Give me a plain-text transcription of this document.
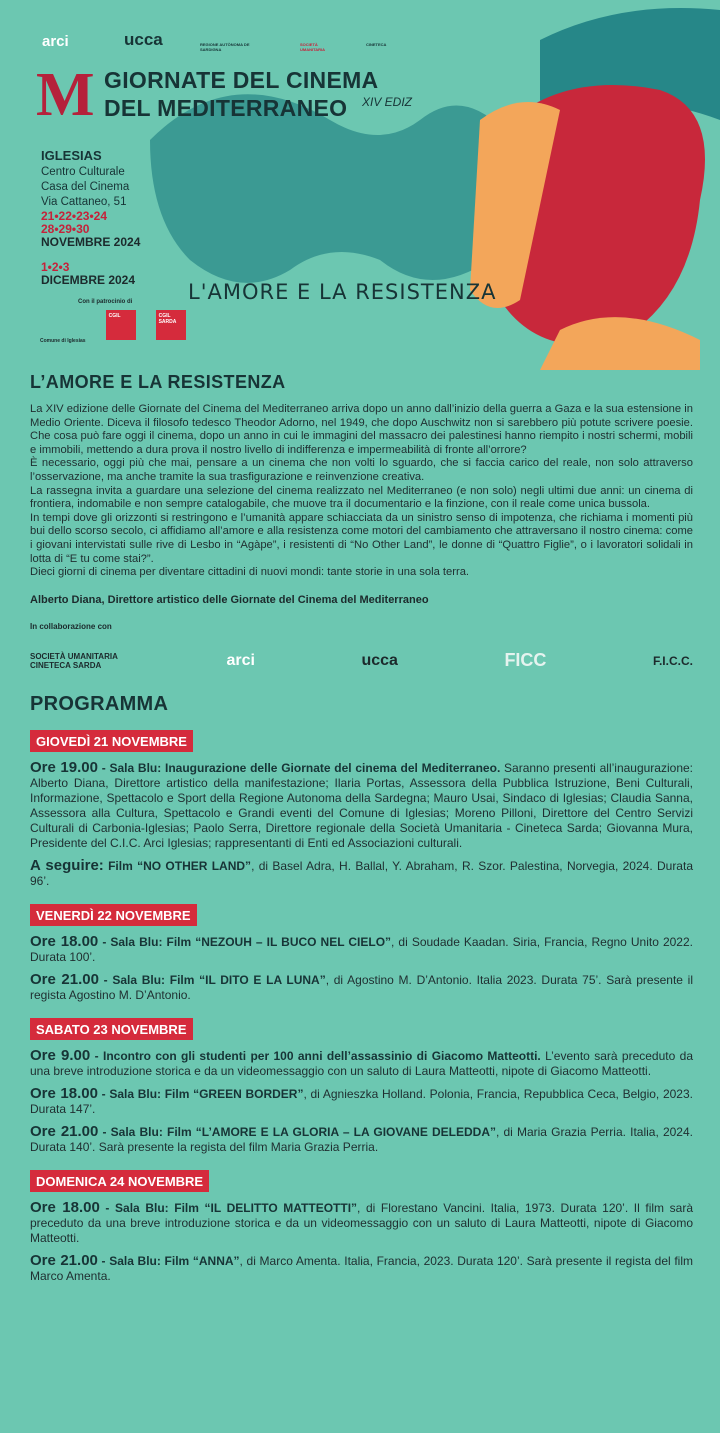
arci	ucca	REGIONE AUTÒNOMA DE SARDIGNA
SOCIETÀ UMANITARIA
CINETECA
M GIORNATE DEL CINEMA
DEL MEDITERRANEO	XIV EDIZ
IGLESIAS
Centro Culturale
Casa del Cinema
Via Cattaneo, 51
21•22•23•24
28•29•30
NOVEMBRE 2024
1•2•3
DICEMBRE 2024
Con il patrocinio di
Comune di Iglesias
CGIL	CGIL SARDA
L'AMORE E LA RESISTENZA
L’AMORE E LA RESISTENZA

La XIV edizione delle Giornate del Cinema del Mediterraneo arriva dopo un anno dall’inizio della guerra a Gaza e la sua estensione in Medio Oriente. Diceva il filosofo tedesco Theodor Adorno, nel 1949, che dopo Auschwitz non si sarebbero più potute scrivere poesie. Che cosa può fare oggi il cinema, dopo un anno in cui le immagini del massacro dei palestinesi hanno riempito i nostri schermi, mobili e immobili, mettendo a dura prova il nostro livello di indifferenza e impermeabilità di fronte all’orrore?

È necessario, oggi più che mai, pensare a un cinema che non volti lo sguardo, che si faccia carico del reale, non solo attraverso l’osservazione, ma anche tramite la sua trasfigurazione e reinvenzione creativa.

La rassegna invita a guardare una selezione del cinema realizzato nel Mediterraneo (e non solo) negli ultimi due anni: un cinema di frontiera, indomabile e non sempre catalogabile, che muove tra il documentario e la finzione, con il reale come unica bussola.

In tempi dove gli orizzonti si restringono e l’umanità appare schiacciata da un sinistro senso di impotenza, che richiama i momenti più bui dello scorso secolo, ci affidiamo all’amore e alla resistenza come motori del cambiamento che attraversano il nostro cinema: come i giovani intervistati sulle rive di Lesbo in “Agàpe”, i resistenti di “No Other Land”, le donne di “Quattro Figlie”, o i lavoratori solidali in lotta di “E tu come stai?”.

Dieci giorni di cinema per diventare cittadini di nuovi mondi: tante storie in una sola terra.

Alberto Diana, Direttore artistico delle Giornate del Cinema del Mediterraneo
In collaborazione con
SOCIETÀ UMANITARIA CINETECA SARDA	arci	ucca	FICC	F.I.C.C.
PROGRAMMA
GIOVEDÌ 21 NOVEMBRE

Ore 19.00 - Sala Blu: Inaugurazione delle Giornate del cinema del Mediterraneo. Saranno presenti all’inaugurazione: Alberto Diana, Direttore artistico della manifestazione; Ilaria Portas, Assessora della Pubblica Istruzione, Beni Culturali, Informazione, Spettacolo e Sport della Regione Autonoma della Sardegna; Mauro Usai, Sindaco di Iglesias; Claudia Sanna, Assessora alla Cultura, Spettacolo e Grandi eventi del Comune di Iglesias; Moreno Pilloni, Direttore del Centro Servizi Culturali di Carbonia-Iglesias; Paolo Serra, Direttore regionale della Società Umanitaria - Cineteca Sarda; Giovanna Mura, Presidente del C.I.C. Arci Iglesias; rappresentanti di Enti ed Associazioni culturali.

A seguire: Film “NO OTHER LAND”, di Basel Adra, H. Ballal, Y. Abraham, R. Szor. Palestina, Norvegia, 2024. Durata 96’.

VENERDÌ 22 NOVEMBRE

Ore 18.00 - Sala Blu: Film “NEZOUH – IL BUCO NEL CIELO”, di Soudade Kaadan. Siria, Francia, Regno Unito 2022. Durata 100’.

Ore 21.00 - Sala Blu: Film “IL DITO E LA LUNA”, di Agostino M. D’Antonio. Italia 2023. Durata 75’. Sarà presente il regista Agostino M. D’Antonio.

SABATO 23 NOVEMBRE

Ore 9.00 - Incontro con gli studenti per 100 anni dell’assassinio di Giacomo Matteotti. L’evento sarà preceduto da una breve introduzione storica e da un videomessaggio con un saluto di Laura Matteotti, nipote di Giacomo Matteotti.

Ore 18.00 - Sala Blu: Film “GREEN BORDER”, di Agnieszka Holland. Polonia, Francia, Repubblica Ceca, Belgio, 2023. Durata 147’.

Ore 21.00 - Sala Blu: Film “L’AMORE E LA GLORIA – LA GIOVANE DELEDDA”, di Maria Grazia Perria. Italia, 2024. Durata 140’. Sarà presente la regista del film Maria Grazia Perria.

DOMENICA 24 NOVEMBRE

Ore 18.00 - Sala Blu: Film “IL DELITTO MATTEOTTI”, di Florestano Vancini. Italia, 1973. Durata 120’. Il film sarà preceduto da una breve introduzione storica e da un videomessaggio con un saluto di Laura Matteotti, nipote di Giacomo Matteotti.

Ore 21.00 - Sala Blu: Film “ANNA”, di Marco Amenta. Italia, Francia, 2023. Durata 120’. Sarà presente il regista del film Marco Amenta.
